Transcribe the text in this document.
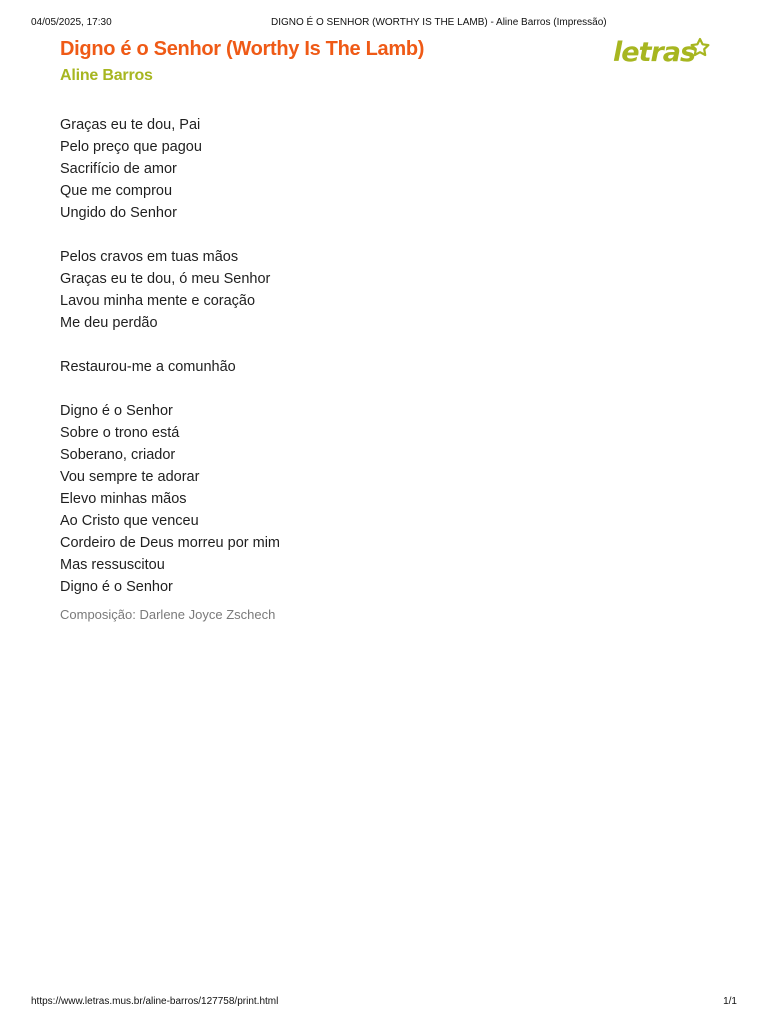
04/05/2025, 17:30	DIGNO É O SENHOR (WORTHY IS THE LAMB) - Aline Barros (Impressão)
Digno é o Senhor (Worthy Is The Lamb)
Aline Barros
letras
Graças eu te dou, Pai
Pelo preço que pagou
Sacrifício de amor
Que me comprou
Ungido do Senhor
Pelos cravos em tuas mãos
Graças eu te dou, ó meu Senhor
Lavou minha mente e coração
Me deu perdão
Restaurou-me a comunhão
Digno é o Senhor
Sobre o trono está
Soberano, criador
Vou sempre te adorar
Elevo minhas mãos
Ao Cristo que venceu
Cordeiro de Deus morreu por mim
Mas ressuscitou
Digno é o Senhor
Composição: Darlene Joyce Zschech
https://www.letras.mus.br/aline-barros/127758/print.html	1/1
